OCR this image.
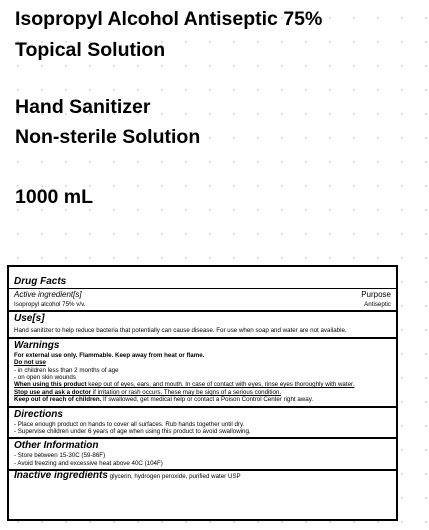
Isopropyl Alcohol Antiseptic 75%
Topical Solution
Hand Sanitizer
Non-sterile Solution
1000 mL
Drug Facts
Active ingredient[s]	Purpose
Isopropyl alcohol 75% v/v.	Antiseptic
Use[s]
Hand sanitizer to help reduce bacteria that potentially can cause disease. For use when soap and water are not available.
Warnings
For external use only. Flammable. Keep away from heat or flame.
Do not use
- in children less than 2 months of age
- on open skin wounds
When using this product keep out of eyes, ears, and mouth. In case of contact with eyes, rinse eyes thoroughly with water.
Stop use and ask a doctor if irritation or rash occurs. These may be signs of a serious condition.
Keep out of reach of children. If swallowed, get medical help or contact a Poison Control Center right away.
Directions
- Place enough product on hands to cover all surfaces. Rub hands together until dry.
- Supervise children under 6 years of age when using this product to avoid swallowing.
Other Information
- Store between 15-30C (59-86F)
- Avoid freezing and excessive heat above 40C (104F)
Inactive ingredients glycerin, hydrogen peroxide, purified water USP
